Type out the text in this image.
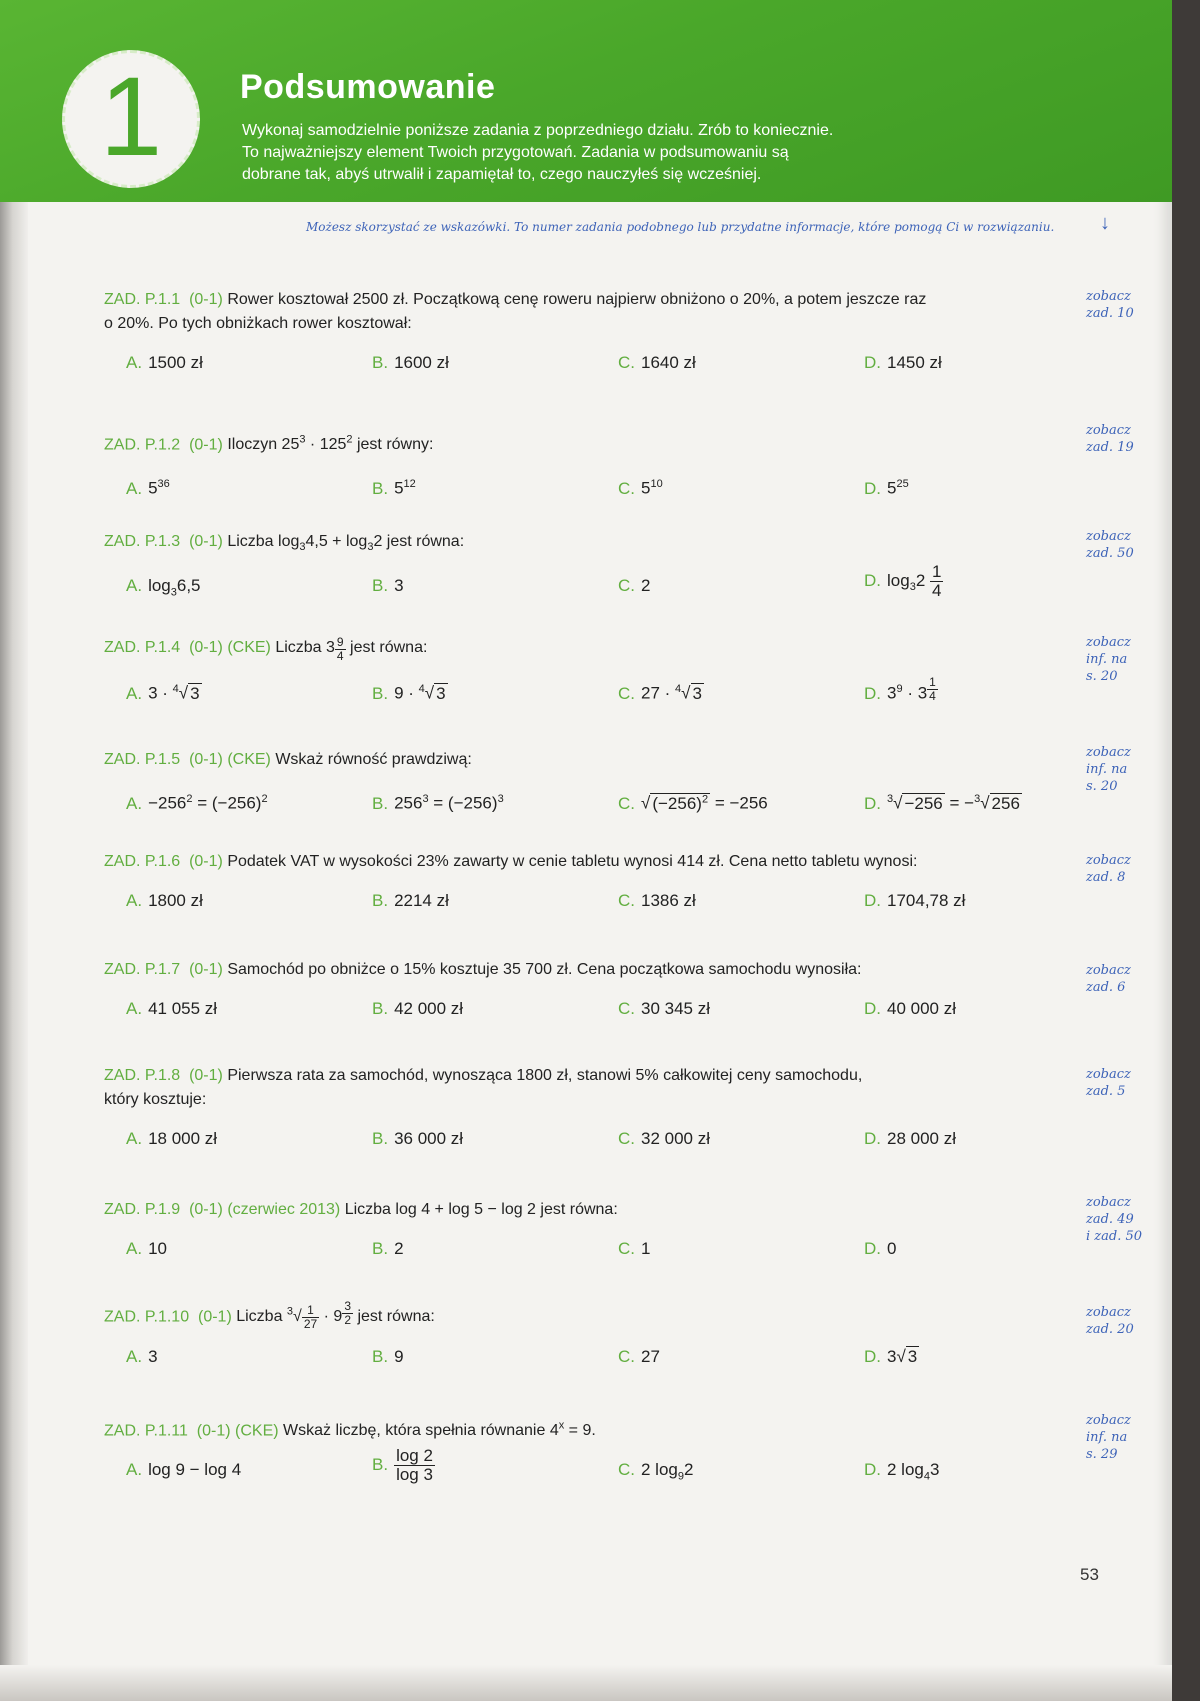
1	Podsumowanie
Wykonaj samodzielnie poniższe zadania z poprzedniego działu. Zrób to koniecznie.
To najważniejszy element Twoich przygotowań. Zadania w podsumowaniu są
dobrane tak, abyś utrwalił i zapamiętał to, czego nauczyłeś się wcześniej.
Możesz skorzystać ze wskazówki. To numer zadania podobnego lub przydatne informacje, które pomogą Ci w rozwiązaniu. ↓
ZAD. P.1.1 (0-1) Rower kosztował 2500 zł. Początkową cenę roweru najpierw obniżono o 20%, a potem jeszcze raz
o 20%. Po tych obniżkach rower kosztował:
A. 1500 zł	B. 1600 zł	C. 1640 zł	D. 1450 zł
zobacz
zad. 10
ZAD. P.1.2 (0-1) Iloczyn $25^3 \cdot 125^2$ jest równy:
A. $5^{36}$	B. $5^{12}$	C. $5^{10}$	D. $5^{25}$
zobacz
zad. 19
ZAD. P.1.3 (0-1) Liczba $\log_34,5 + \log_32$ jest równa:
A. $\log_36,5$	B. 3	C. 2	D. $\log_32 \frac{1}{4}$
zobacz
zad. 50
ZAD. P.1.4 (0-1) (CKE) Liczba $3 \frac{9}{4}$ jest równa:
A. 3 · $^4$√ 3	B. 9 · $^4$√ 3	C. 27 · $^4$√ 3	D. $3^9 \cdot 3 \frac{1}{4}$
zobacz
inf. na
s. 20
ZAD. P.1.5 (0-1) (CKE) Wskaż równość prawdziwą:
A. $-256^2 = (-256)^2$	B. $256^3 = (-256)^3$	C. √ $(-256)^2 = -256$	D. $^3$√ −256 = −$^3$√ 256
zobacz
inf. na
s. 20
ZAD. P.1.6 (0-1) Podatek VAT w wysokości 23% zawarty w cenie tabletu wynosi 414 zł. Cena netto tabletu wynosi:
A. 1800 zł	B. 2214 zł	C. 1386 zł	D. 1704,78 zł
zobacz
zad. 8
ZAD. P.1.7 (0-1) Samochód po obniżce o 15% kosztuje 35 700 zł. Cena początkowa samochodu wynosiła:
A. 41 055 zł	B. 42 000 zł	C. 30 345 zł	D. 40 000 zł
zobacz
zad. 6
ZAD. P.1.8 (0-1) Pierwsza rata za samochód, wynosząca 1800 zł, stanowi 5% całkowitej ceny samochodu,
który kosztuje:
A. 18 000 zł	B. 36 000 zł	C. 32 000 zł	D. 28 000 zł
zobacz
zad. 5
ZAD. P.1.9 (0-1) (czerwiec 2013) Liczba log 4 + log 5 − log 2 jest równa:
A. 10	B. 2	C. 1	D. 0
zobacz
zad. 49
i zad. 50
ZAD. P.1.10 (0-1) Liczba $^3√ \frac{1}{27} \cdot 9 \frac{3}{2}$ jest równa:
A. 3	B. 9	C. 27	D. 3√ 3
zobacz
zad. 20
ZAD. P.1.11 (0-1) (CKE) Wskaż liczbę, która spełnia równanie $4^x = 9$.
A. log 9 − log 4	B. $\frac{\log 2}{\log 3}$	C. 2 $\log_92$	D. 2 $\log_43$
zobacz
inf. na
s. 29
53
